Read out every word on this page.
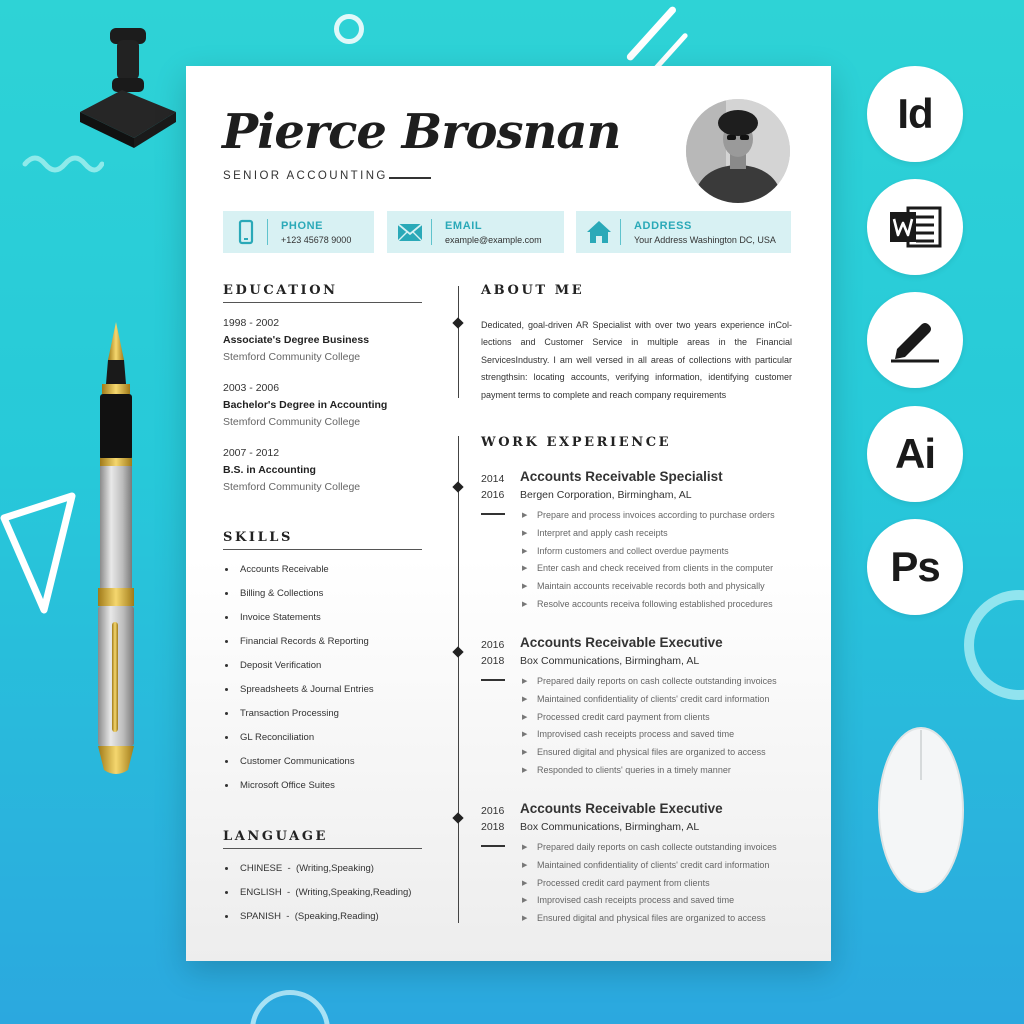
Id
Ai
Ps
Pierce Brosnan
SENIOR ACCOUNTING
PHONE
+123 45678 9000
EMAIL
example@example.com
ADDRESS
Your Address Washington DC, USA
EDUCATION
1998 - 2002
Associate's Degree Business
Stemford Community College
2003 - 2006
Bachelor's Degree in Accounting
Stemford Community College
2007 - 2012
B.S. in Accounting
Stemford Community College
SKILLS
Accounts Receivable
Billing & Collections
Invoice Statements
Financial Records & Reporting
Deposit Verification
Spreadsheets & Journal Entries
Transaction Processing
GL Reconciliation
Customer Communications
Microsoft Office Suites
LANGUAGE
CHINESE  -  (Writing,Speaking)
ENGLISH  -  (Writing,Speaking,Reading)
SPANISH  -  (Speaking,Reading)
ABOUT ME
Dedicated, goal-driven AR Specialist with over two years experience inCol-lections and Customer Service in multiple areas in the Financial ServicesIndustry. I am well versed in all areas of collections with particular strengthsin: locating accounts, verifying information, identifying customer payment terms to complete and reach company requirements
WORK EXPERIENCE
2014
2016
Accounts Receivable Specialist
Bergen Corporation, Birmingham, AL
▶ Prepare and process invoices according to purchase orders
▶ Interpret and apply cash receipts
▶ Inform customers and collect overdue payments
▶ Enter cash and check received from clients in the computer
▶ Maintain accounts receivable records both and physically
▶ Resolve accounts receiva following established procedures
2016
2018
Accounts Receivable Executive
Box Communications, Birmingham, AL
▶ Prepared daily reports on cash collecte outstanding invoices
▶ Maintained confidentiality of clients' credit card information
▶ Processed credit card payment from clients
▶ Improvised cash receipts process and saved time
▶ Ensured digital and physical files are organized to access
▶ Responded to clients' queries in a timely manner
2016
2018
Accounts Receivable Executive
Box Communications, Birmingham, AL
▶ Prepared daily reports on cash collecte outstanding invoices
▶ Maintained confidentiality of clients' credit card information
▶ Processed credit card payment from clients
▶ Improvised cash receipts process and saved time
▶ Ensured digital and physical files are organized to access
